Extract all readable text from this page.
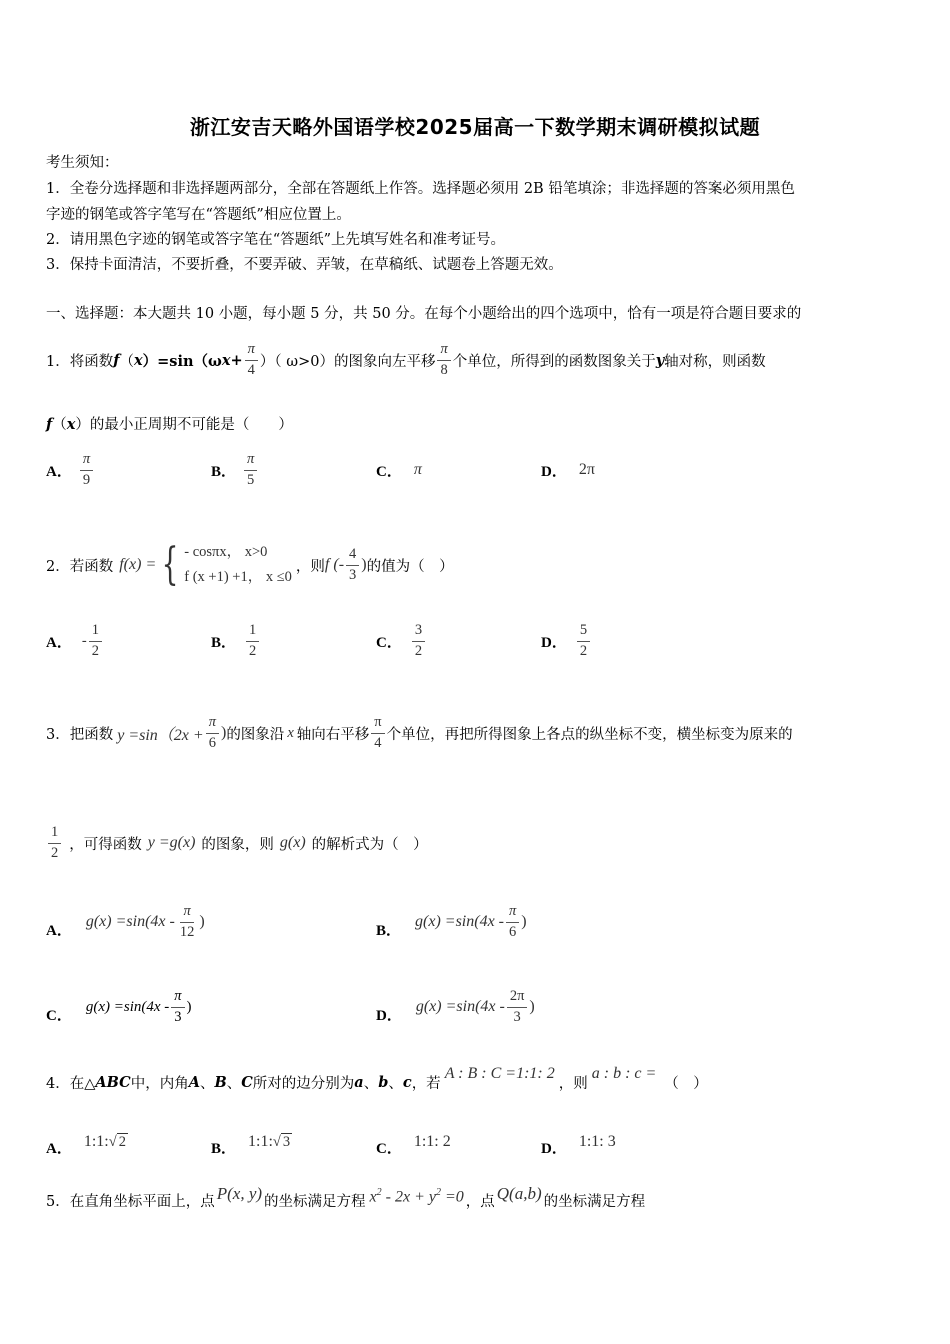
浙江安吉天略外国语学校2025届高一下数学期末调研模拟试题
考生须知：
1．全卷分选择题和非选择题两部分，全部在答题纸上作答。选择题必须用 2B 铅笔填涂；非选择题的答案必须用黑色
字迹的钢笔或答字笔写在“答题纸”相应位置上。
2．请用黑色字迹的钢笔或答字笔在“答题纸”上先填写姓名和准考证号。
3．保持卡面清洁，不要折叠，不要弄破、弄皱，在草稿纸、试题卷上答题无效。
一、选择题：本大题共 10 小题，每小题 5 分，共 50 分。在每个小题给出的四个选项中，恰有一项是符合题目要求的
1． 将函数 f （ x ）=sin（ω $x + \frac{\pi}{4}$ ）（ ω>0）的图象向左平移 $\frac{\pi}{8}$ 个单位，所得到的函数图象关于 y 轴对称，则函数
f（x）的最小正周期不可能是（　　）
A． $\frac{\pi}{9}$	B． $\frac{\pi}{5}$	C． π	D． 2π
2． 若函数 f(x) = { - cosπx， x>0
f (x +1) +1， x ≤0
，则 f (- $\frac{4}{3}$ ) 的值为（　）
A． - $\frac{1}{2}$	B． $\frac{1}{2}$	C． $\frac{3}{2}$	D． $\frac{5}{2}$
3． 把函数 $y =\sin(2x + \frac{\pi}{6}$ ) 的图象沿 x 轴向右平移 $\frac{\pi}{4}$ 个单位，再把所得图象上各点的纵坐标不变，横坐标变为原来的
$\frac{1}{2}$ ，可得函数 y =g(x) 的图象，则 g(x) 的解析式为（　）
A．
$g(x) =\sin(4x - \frac{\pi}{12}$ )
B．
$g(x) =\sin(4x - \frac{\pi}{6}$ )
C．
$g(x) =\sin(4x - \frac{\pi}{3}$ )
D．
$g(x) =\sin(4x - \frac{2\pi}{3}$ )
4． 在△ ABC 中，内角 A 、 B 、 C 所对的边分别为 a 、 b 、 c ，若
A : B : C =1:1: 2
，则
a : b : c =
（　）
A． 1:1: √ 2	B． 1:1: √ 3	C． 1:1: 2	D． 1:1: 3
5． 在直角坐标平面上，点 P(x, y) 的坐标满足方程 $x^2 - 2x + y^2 =0$ ，点 Q(a,b) 的坐标满足方程
